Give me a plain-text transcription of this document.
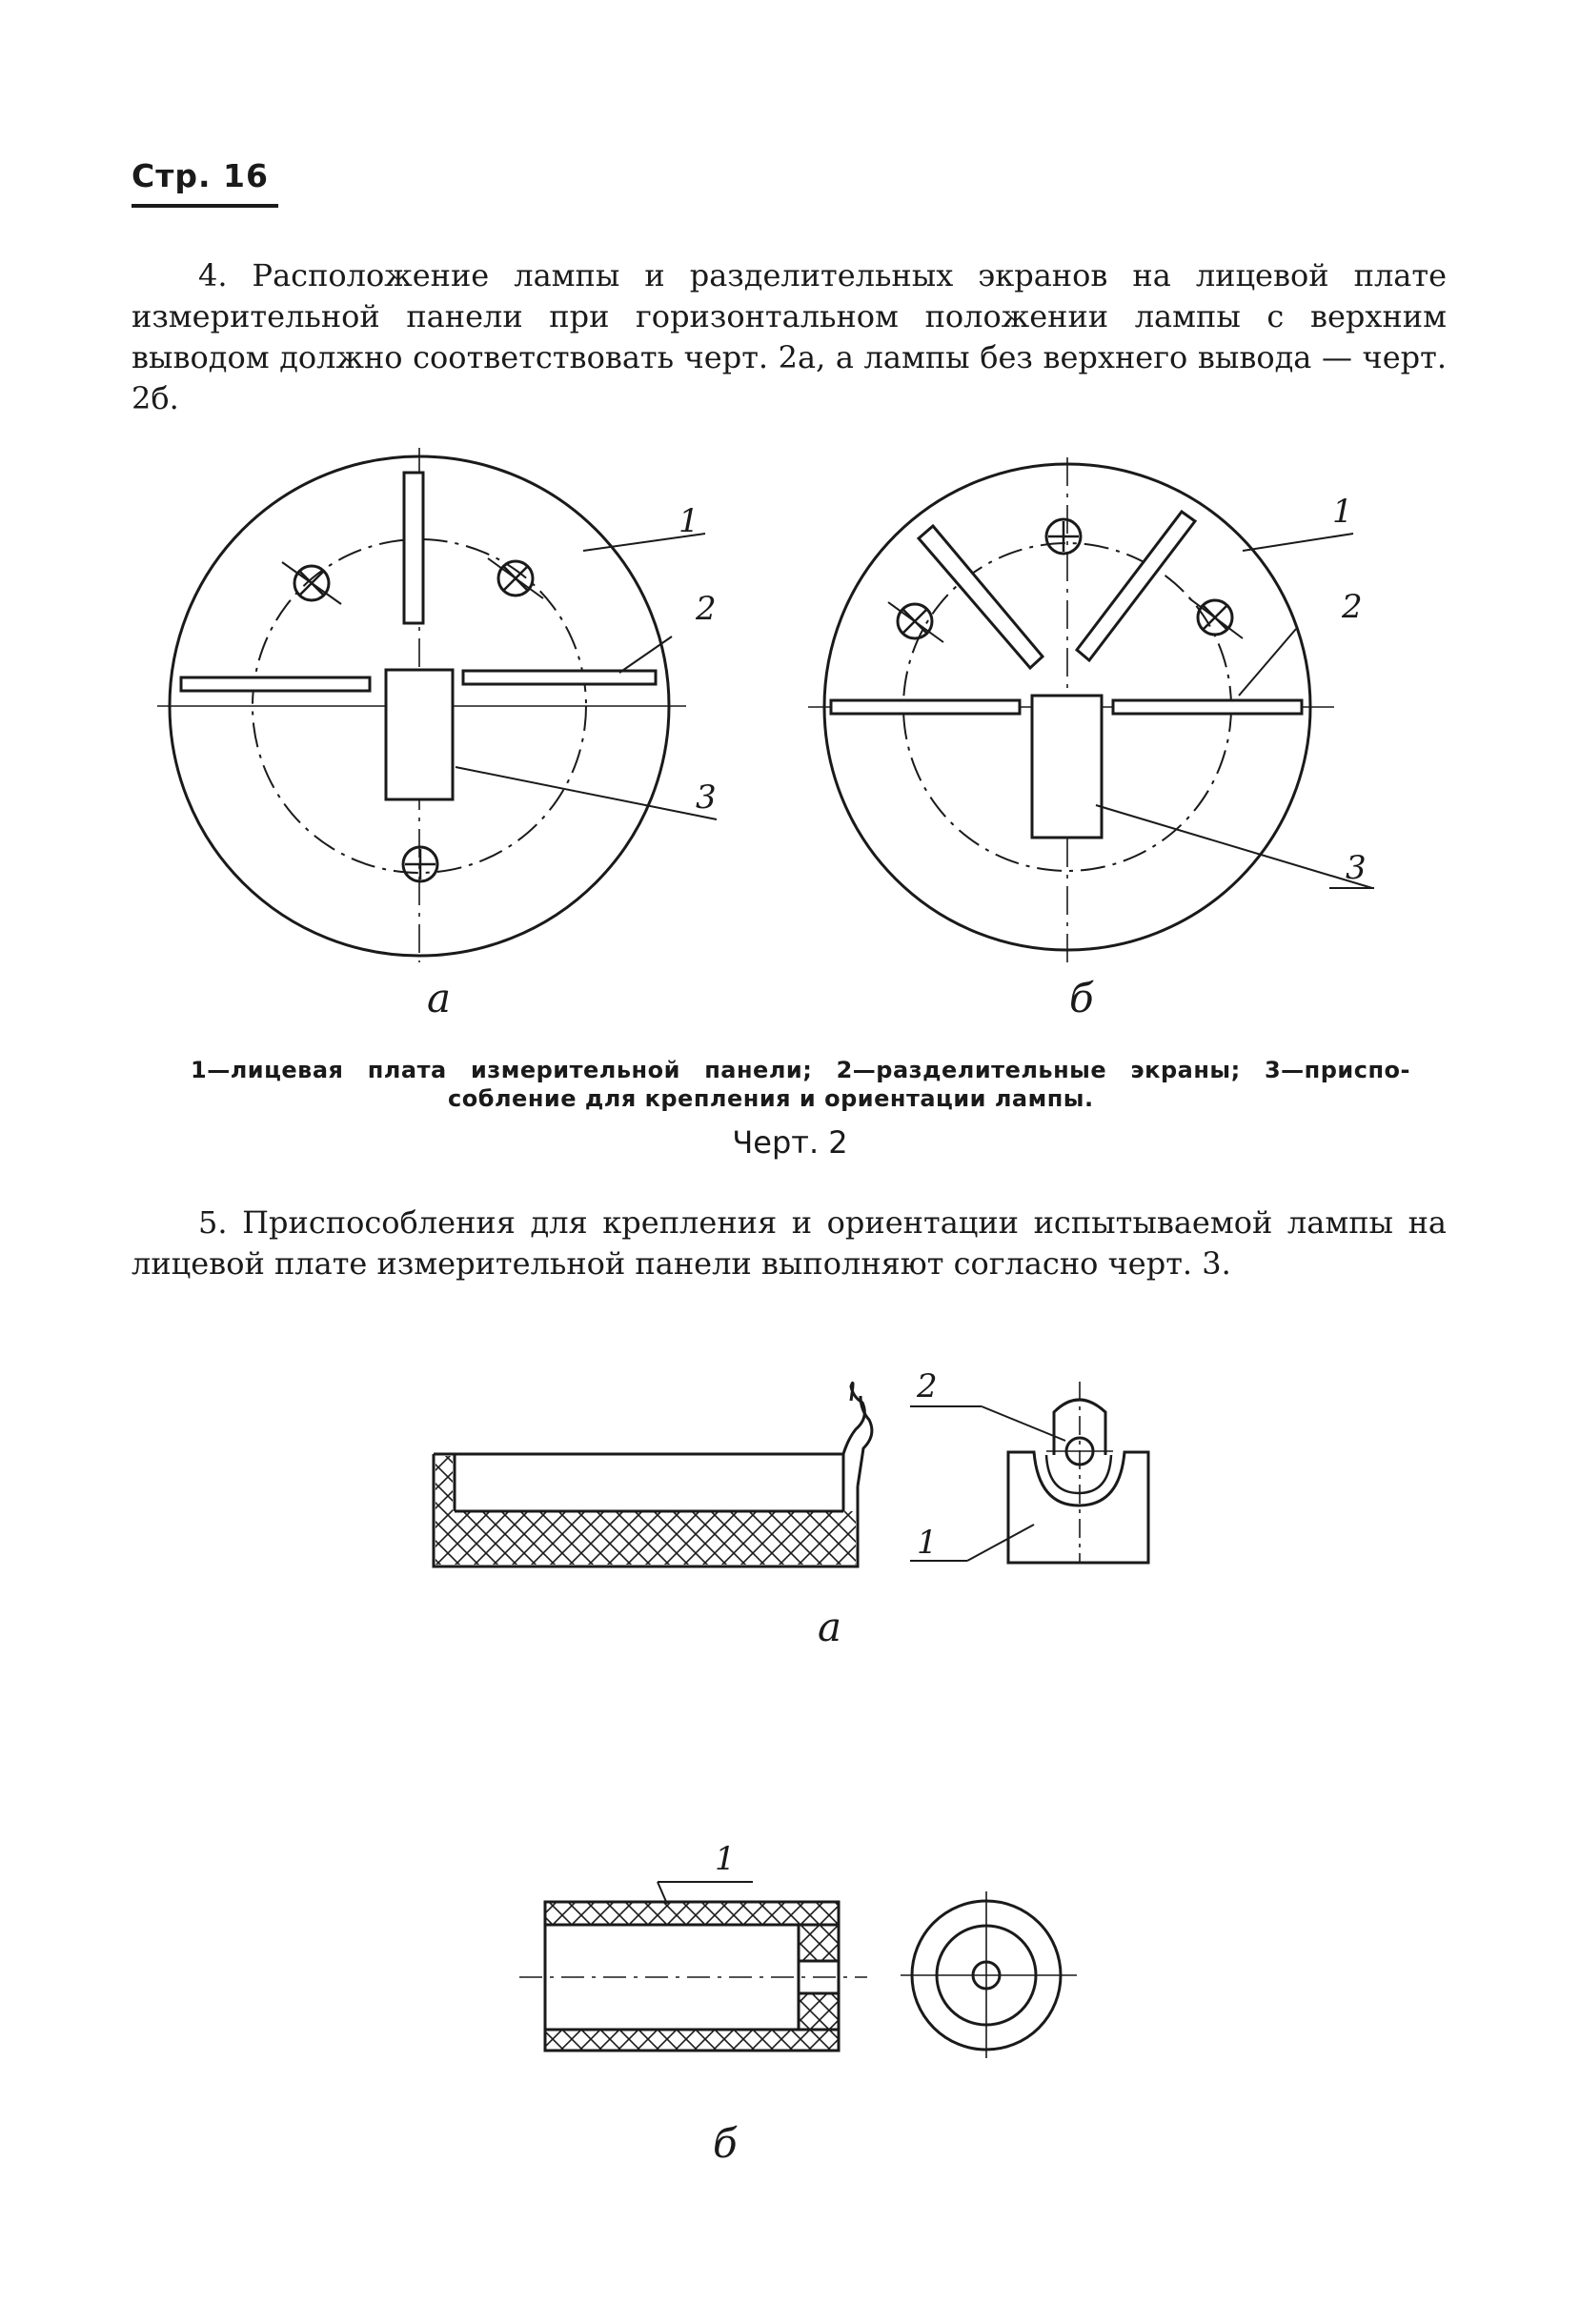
Стр. 16
4. Расположение лампы и разделительных экранов на лицевой плате измерительной панели при горизонтальном положении лампы с верхним выводом должно соответствовать черт. 2а, а лампы без верхнего вывода — черт. 2б.
1
2
3
1
2
3
а	б
1—лицевая плата измерительной панели; 2—разделительные экраны; 3—приспо-
собление для крепления и ориентации лампы.
Черт. 2
5. Приспособления для крепления и ориентации испытываемой лампы на лицевой плате измерительной панели выполняют согласно черт. 3.
2
1
1
а
б
